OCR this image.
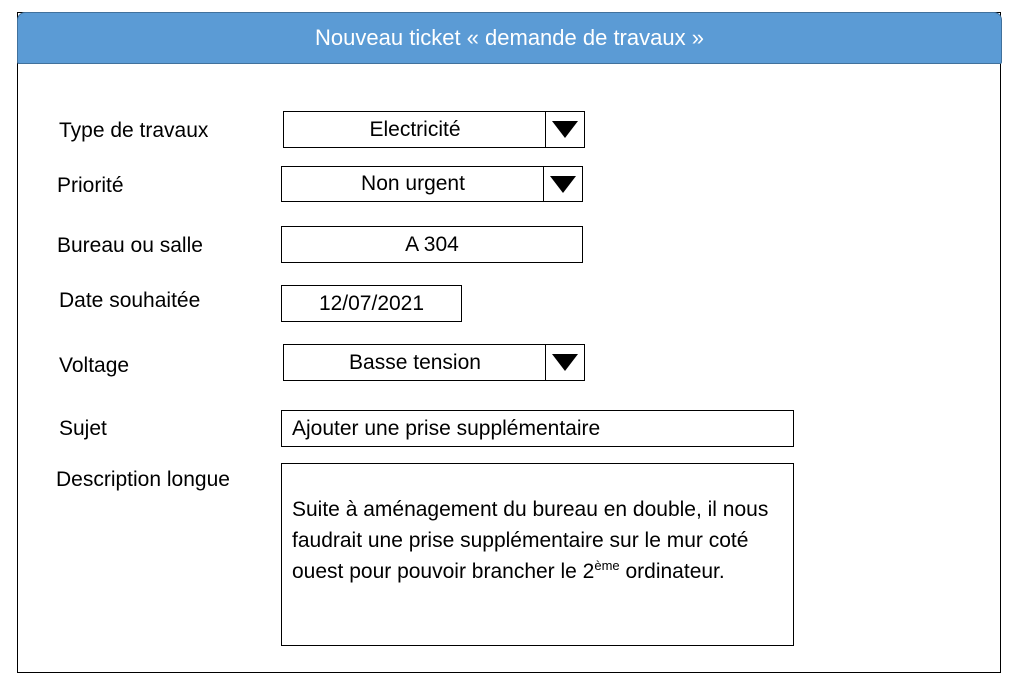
Nouveau ticket « demande de travaux »
Type de travaux	Electricité
Priorité	Non urgent
Bureau ou salle	A 304
Date souhaitée	12/07/2021
Voltage	Basse tension
Sujet	Ajouter une prise supplémentaire
Description longue
Suite à aménagement du bureau en double, il nous faudrait une prise supplémentaire sur le mur coté ouest pour pouvoir brancher le 2ème ordinateur.
